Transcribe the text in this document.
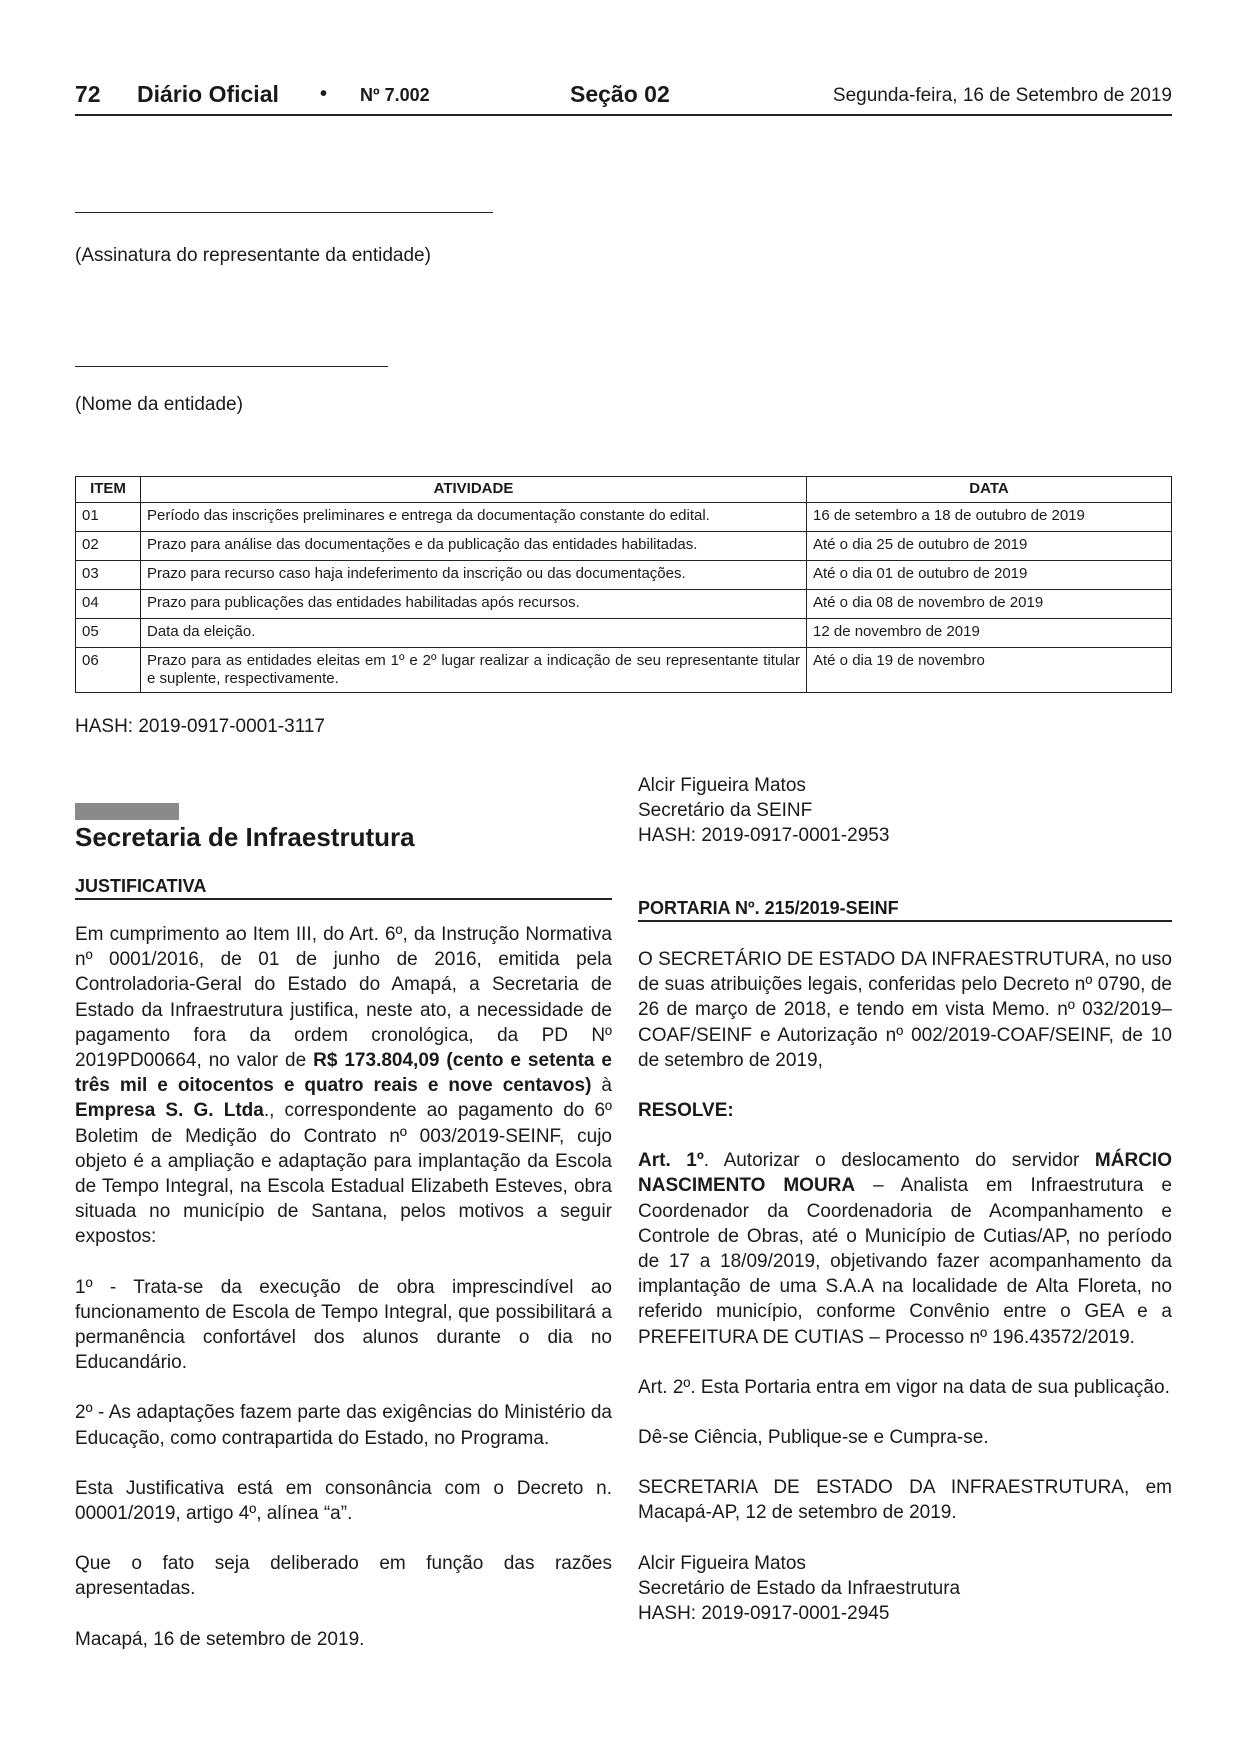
72 Diário Oficial • Nº 7.002	Seção 02	Segunda-feira, 16 de Setembro de 2019
(Assinatura do representante da entidade)
(Nome da entidade)
ITEM	ATIVIDADE	DATA
01	Período das inscrições preliminares e entrega da documentação constante do edital.	16 de setembro a 18 de outubro de 2019
02	Prazo para análise das documentações e da publicação das entidades habilitadas.	Até o dia 25 de outubro de 2019
03	Prazo para recurso caso haja indeferimento da inscrição ou das documentações.	Até o dia 01 de outubro de 2019
04	Prazo para publicações das entidades habilitadas após recursos.	Até o dia 08 de novembro de 2019
05	Data da eleição.	12 de novembro de 2019
06	Prazo para as entidades eleitas em 1º e 2º lugar realizar a indicação de seu representante titular e suplente, respectivamente.	Até o dia 19 de novembro
HASH: 2019-0917-0001-3117
Secretaria de Infraestrutura
JUSTIFICATIVA

Em cumprimento ao Item III, do Art. 6º, da Instrução Normativa nº 0001/2016, de 01 de junho de 2016, emitida pela Controladoria-Geral do Estado do Amapá, a Secretaria de Estado da Infraestrutura justifica, neste ato, a necessidade de pagamento fora da ordem cronológica, da PD Nº 2019PD00664, no valor de R$ 173.804,09 (cento e setenta e três mil e oitocentos e quatro reais e nove centavos) à Empresa S. G. Ltda., correspondente ao pagamento do 6º Boletim de Medição do Contrato nº 003/2019-SEINF, cujo objeto é a ampliação e adaptação para implantação da Escola de Tempo Integral, na Escola Estadual Elizabeth Esteves, obra situada no município de Santana, pelos motivos a seguir expostos:

1º - Trata-se da execução de obra imprescindível ao funcionamento de Escola de Tempo Integral, que possibilitará a permanência confortável dos alunos durante o dia no Educandário.

2º - As adaptações fazem parte das exigências do Ministério da Educação, como contrapartida do Estado, no Programa.

Esta Justificativa está em consonância com o Decreto n. 00001/2019, artigo 4º, alínea “a”.

Que o fato seja deliberado em função das razões apresentadas.

Macapá, 16 de setembro de 2019.

Alcir Figueira Matos

Secretário da SEINF

HASH: 2019-0917-0001-2953

PORTARIA Nº. 215/2019-SEINF

O SECRETÁRIO DE ESTADO DA INFRAESTRUTURA, no uso de suas atribuições legais, conferidas pelo Decreto nº 0790, de 26 de março de 2018, e tendo em vista Memo. nº 032/2019–COAF/SEINF e Autorização nº 002/2019-COAF/SEINF, de 10 de setembro de 2019,

RESOLVE:

Art. 1º. Autorizar o deslocamento do servidor MÁRCIO NASCIMENTO MOURA – Analista em Infraestrutura e Coordenador da Coordenadoria de Acompanhamento e Controle de Obras, até o Município de Cutias/AP, no período de 17 a 18/09/2019, objetivando fazer acompanhamento da implantação de uma S.A.A na localidade de Alta Floreta, no referido município, conforme Convênio entre o GEA e a PREFEITURA DE CUTIAS – Processo nº 196.43572/2019.

Art. 2º. Esta Portaria entra em vigor na data de sua publicação.

Dê-se Ciência, Publique-se e Cumpra-se.

SECRETARIA DE ESTADO DA INFRAESTRUTURA, em Macapá-AP, 12 de setembro de 2019.

Alcir Figueira Matos

Secretário de Estado da Infraestrutura

HASH: 2019-0917-0001-2945
